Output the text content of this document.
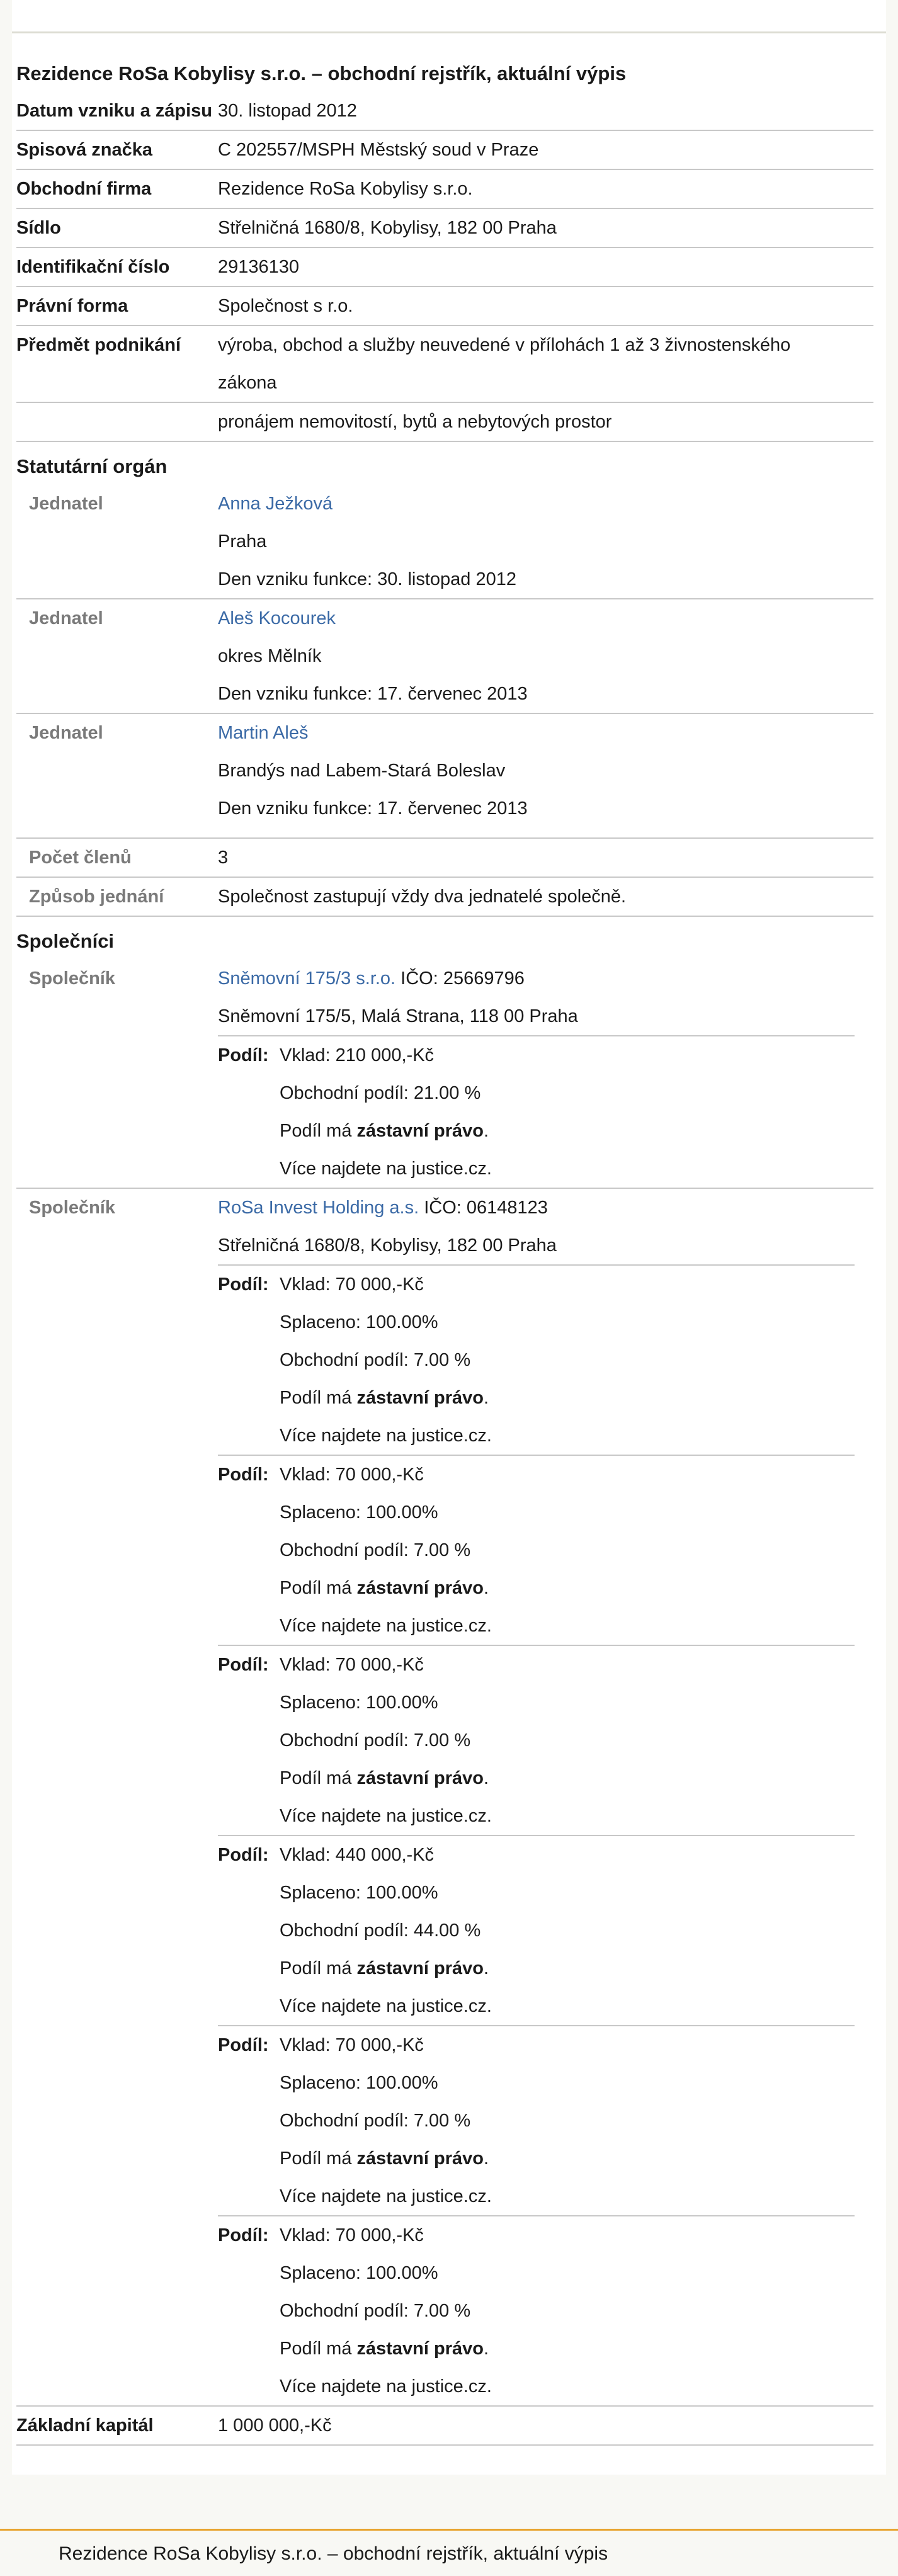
Rezidence RoSa Kobylisy s.r.o. – obchodní rejstřík, aktuální výpis
Datum vzniku a zápisu 30. listopad 2012
Spisová značka	C 202557/MSPH Městský soud v Praze
Obchodní firma	Rezidence RoSa Kobylisy s.r.o.
Sídlo	Střelničná 1680/8, Kobylisy, 182 00 Praha
Identifikační číslo	29136130
Právní forma	Společnost s r.o.
Předmět podnikání	výroba, obchod a služby neuvedené v přílohách 1 až 3 živnostenského zákona
pronájem nemovitostí, bytů a nebytových prostor
Statutární orgán
Jednatel	Anna Ježková

Praha

Den vzniku funkce: 30. listopad 2012

Jednatel	Aleš Kocourek

okres Mělník

Den vzniku funkce: 17. červenec 2013

Jednatel	Martin Aleš

Brandýs nad Labem-Stará Boleslav

Den vzniku funkce: 17. červenec 2013

Počet členů	3
Způsob jednání	Společnost zastupují vždy dva jednatelé společně.
Společníci
Společník	Sněmovní 175/3 s.r.o. IČO: 25669796

Sněmovní 175/5, Malá Strana, 118 00 Praha

Podíl: Vklad: 210 000,-Kč

Obchodní podíl: 21.00 %

Podíl má zástavní právo.

Více najdete na justice.cz.

Společník	RoSa Invest Holding a.s. IČO: 06148123

Střelničná 1680/8, Kobylisy, 182 00 Praha

Podíl: Vklad: 70 000,-Kč

Splaceno: 100.00%

Obchodní podíl: 7.00 %

Podíl má zástavní právo.

Více najdete na justice.cz.

Podíl: Vklad: 70 000,-Kč

Splaceno: 100.00%

Obchodní podíl: 7.00 %

Podíl má zástavní právo.

Více najdete na justice.cz.

Podíl: Vklad: 70 000,-Kč

Splaceno: 100.00%

Obchodní podíl: 7.00 %

Podíl má zástavní právo.

Více najdete na justice.cz.

Podíl: Vklad: 440 000,-Kč

Splaceno: 100.00%

Obchodní podíl: 44.00 %

Podíl má zástavní právo.

Více najdete na justice.cz.

Podíl: Vklad: 70 000,-Kč

Splaceno: 100.00%

Obchodní podíl: 7.00 %

Podíl má zástavní právo.

Více najdete na justice.cz.

Podíl: Vklad: 70 000,-Kč

Splaceno: 100.00%

Obchodní podíl: 7.00 %

Podíl má zástavní právo.

Více najdete na justice.cz.

Základní kapitál	1 000 000,-Kč
Rezidence RoSa Kobylisy s.r.o. – obchodní rejstřík, aktuální výpis
